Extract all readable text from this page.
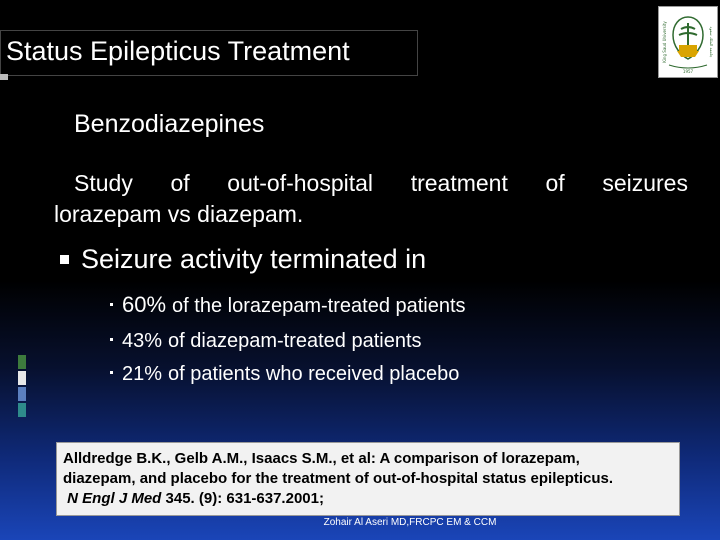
Status Epilepticus Treatment
1957
King Saud University	جامعة الملك سعود
Benzodiazepines
Study of out-of-hospital treatment of seizures
lorazepam vs diazepam.
Seizure activity terminated in
60% of the lorazepam-treated patients
43% of diazepam-treated patients
21% of patients who received placebo
Alldredge B.K., Gelb A.M., Isaacs S.M., et al: A comparison of lorazepam,
diazepam, and placebo for the treatment of out-of-hospital status epilepticus.
N Engl J Med 345. (9): 631-637.2001;
Zohair Al Aseri MD,FRCPC EM & CCM
